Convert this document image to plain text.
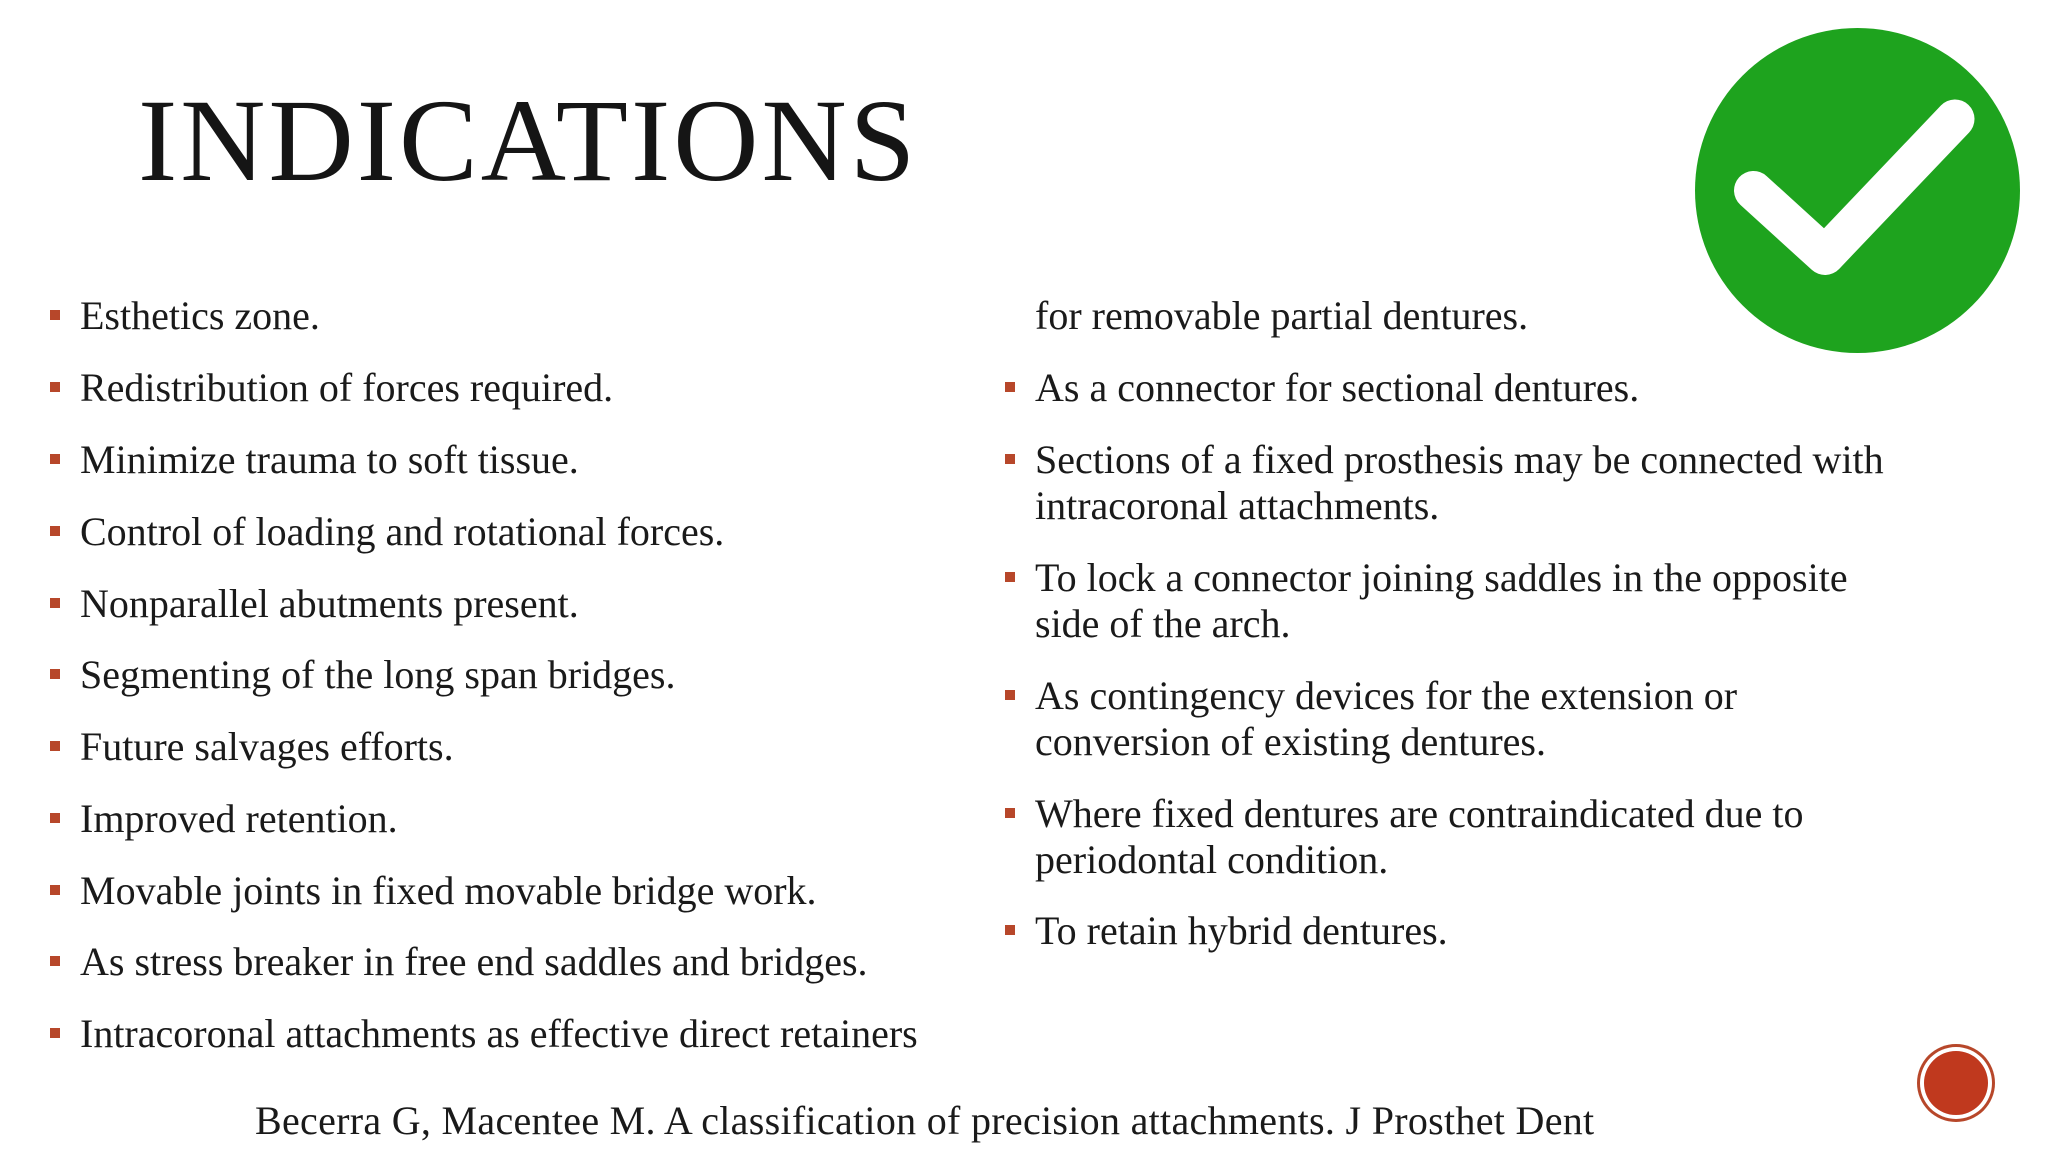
INDICATIONS
Esthetics zone.
Redistribution of forces required.
Minimize trauma to soft tissue.
Control of loading and rotational forces.
Nonparallel abutments present.
Segmenting of the long span bridges.
Future salvages efforts.
Improved retention.
Movable joints in fixed movable bridge work.
As stress breaker in free end saddles and bridges.
Intracoronal attachments as effective direct retainers
for removable partial dentures.
As a connector for sectional dentures.
Sections of a fixed prosthesis may be connected with
intracoronal attachments.
To lock a connector joining saddles in the opposite
side of the arch.
As contingency devices for the extension or
conversion of existing dentures.
Where fixed dentures are contraindicated due to
periodontal condition.
To retain hybrid dentures.
Becerra G, Macentee M. A classification of precision attachments. J Prosthet Dent
